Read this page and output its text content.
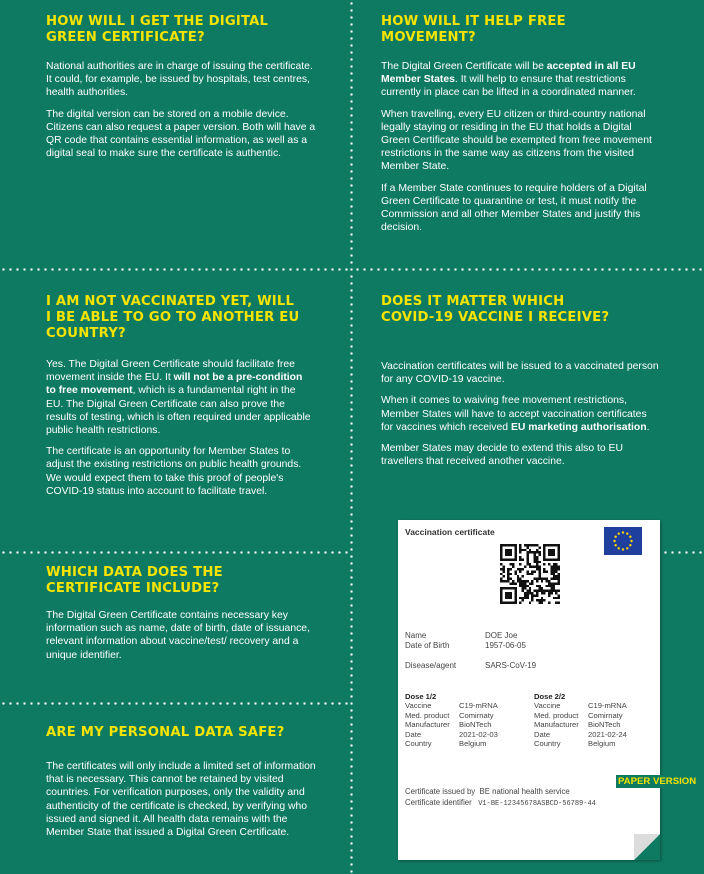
HOW WILL I GET THE DIGITAL
GREEN CERTIFICATE?

National authorities are in charge of issuing the certificate. It could, for example, be issued by hospitals, test centres, health authorities.

The digital version can be stored on a mobile device. Citizens can also request a paper version. Both will have a QR code that contains essential information, as well as a digital seal to make sure the certificate is authentic.

HOW WILL IT HELP FREE
MOVEMENT?

The Digital Green Certificate will be accepted in all EU Member States. It will help to ensure that restrictions currently in place can be lifted in a coordinated manner.

When travelling, every EU citizen or third-country national legally staying or residing in the EU that holds a Digital Green Certificate should be exempted from free movement restrictions in the same way as citizens from the visited Member State.

If a Member State continues to require holders of a Digital Green Certificate to quarantine or test, it must notify the Commission and all other Member States and justify this decision.

I AM NOT VACCINATED YET, WILL
I BE ABLE TO GO TO ANOTHER EU
COUNTRY?

Yes. The Digital Green Certificate should facilitate free movement inside the EU. It will not be a pre-condition to free movement, which is a fundamental right in the EU. The Digital Green Certificate can also prove the results of testing, which is often required under applicable public health restrictions.

The certificate is an opportunity for Member States to adjust the existing restrictions on public health grounds. We would expect them to take this proof of people's COVID-19 status into account to facilitate travel.

DOES IT MATTER WHICH
COVID-19 VACCINE I RECEIVE?

Vaccination certificates will be issued to a vaccinated person for any COVID-19 vaccine.

When it comes to waiving free movement restrictions, Member States will have to accept vaccination certificates for vaccines which received EU marketing authorisation.

Member States may decide to extend this also to EU travellers that received another vaccine.

WHICH DATA DOES THE
CERTIFICATE INCLUDE?

The Digital Green Certificate contains necessary key information such as name, date of birth, date of issuance, relevant information about vaccine/test/ recovery and a unique identifier.

ARE MY PERSONAL DATA SAFE?

The certificates will only include a limited set of information that is necessary. This cannot be retained by visited countries. For verification purposes, only the validity and authenticity of the certificate is checked, by verifying who issued and signed it. All health data remains with the Member State that issued a Digital Green Certificate.

Vaccination certificate
Name	DOE Joe
Date of Birth	1957-06-05
Disease/agent	SARS-CoV-19
Dose 1/2
Vaccine	C19-mRNA
Med. product Comirnaty
Manufacturer BioNTech
Date	2021-02-03
Country	Belgium
Dose 2/2
Vaccine	C19-mRNA
Med. product Comirnaty
Manufacturer BioNTech
Date	2021-02-24
Country	Belgium
Certificate issued by BE national health service
Certificate identifier V1-BE-12345678ASBCD-56789-44
PAPER VERSION
